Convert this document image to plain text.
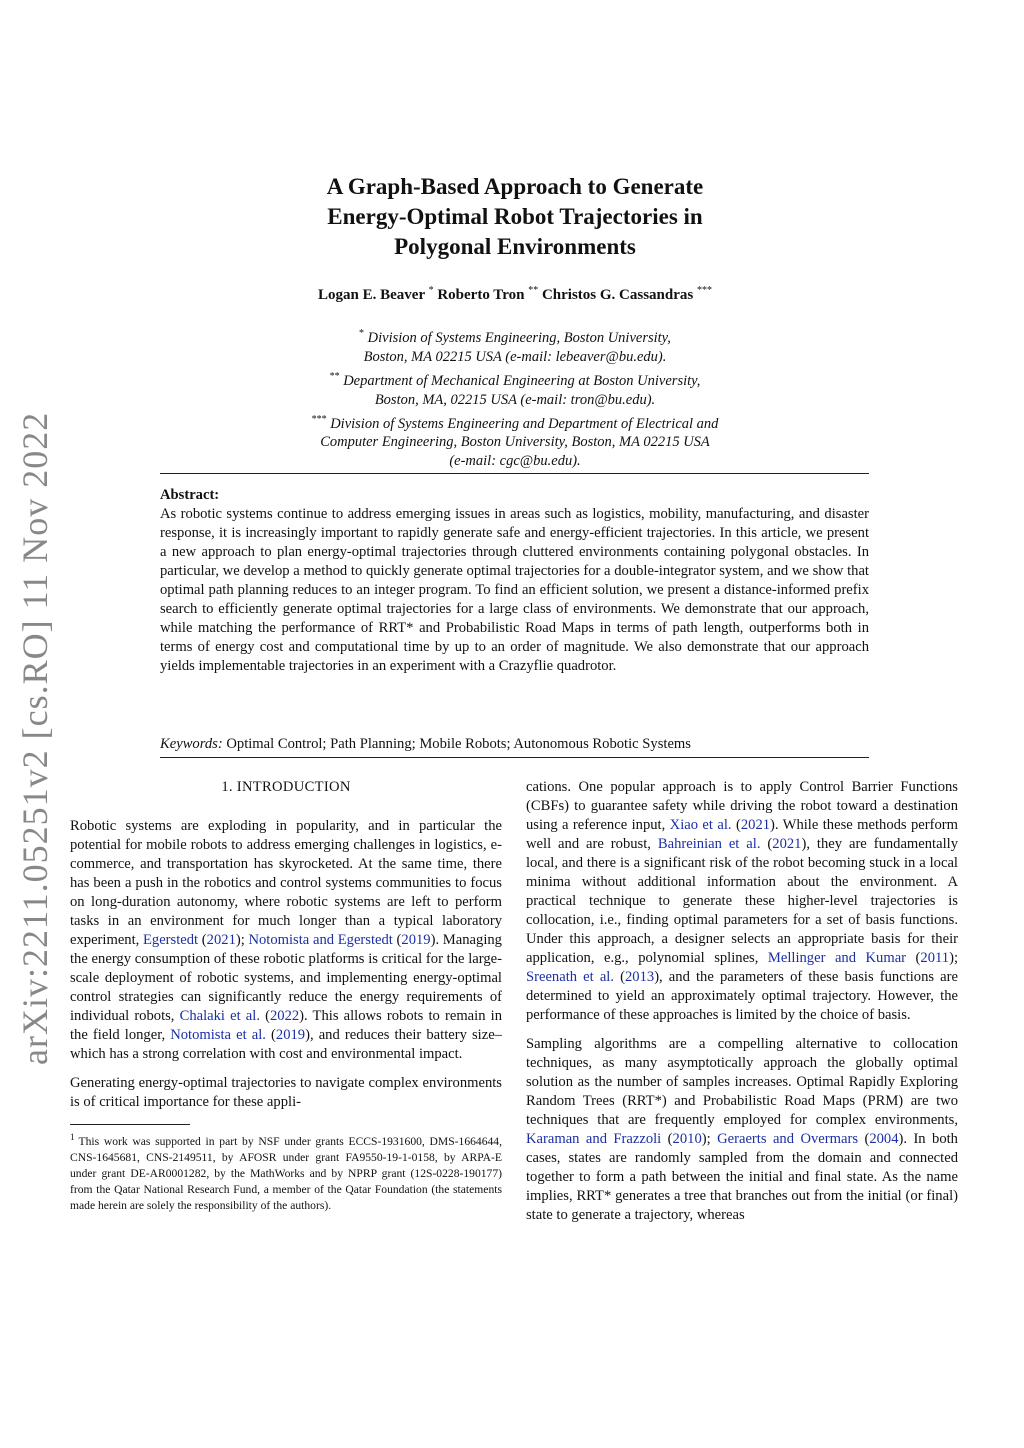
arXiv:2211.05251v2 [cs.RO] 11 Nov 2022
A Graph-Based Approach to Generate
Energy-Optimal Robot Trajectories in
Polygonal Environments
Logan E. Beaver * Roberto Tron ** Christos G. Cassandras ***
* Division of Systems Engineering, Boston University,
Boston, MA 02215 USA (e-mail: lebeaver@bu.edu).
** Department of Mechanical Engineering at Boston University,
Boston, MA, 02215 USA (e-mail: tron@bu.edu).
*** Division of Systems Engineering and Department of Electrical and
Computer Engineering, Boston University, Boston, MA 02215 USA
(e-mail: cgc@bu.edu).
Abstract:
As robotic systems continue to address emerging issues in areas such as logistics, mobility, manufacturing, and disaster response, it is increasingly important to rapidly generate safe and energy-efficient trajectories. In this article, we present a new approach to plan energy-optimal trajectories through cluttered environments containing polygonal obstacles. In particular, we develop a method to quickly generate optimal trajectories for a double-integrator system, and we show that optimal path planning reduces to an integer program. To find an efficient solution, we present a distance-informed prefix search to efficiently generate optimal trajectories for a large class of environments. We demonstrate that our approach, while matching the performance of RRT* and Probabilistic Road Maps in terms of path length, outperforms both in terms of energy cost and computational time by up to an order of magnitude. We also demonstrate that our approach yields implementable trajectories in an experiment with a Crazyflie quadrotor.
Keywords: Optimal Control; Path Planning; Mobile Robots; Autonomous Robotic Systems
1. INTRODUCTION

Robotic systems are exploding in popularity, and in particular the potential for mobile robots to address emerging challenges in logistics, e-commerce, and transportation has skyrocketed. At the same time, there has been a push in the robotics and control systems communities to focus on long-duration autonomy, where robotic systems are left to perform tasks in an environment for much longer than a typical laboratory experiment, Egerstedt (2021); Notomista and Egerstedt (2019). Managing the energy consumption of these robotic platforms is critical for the large-scale deployment of robotic systems, and implementing energy-optimal control strategies can significantly reduce the energy requirements of individual robots, Chalaki et al. (2022). This allows robots to remain in the field longer, Notomista et al. (2019), and reduces their battery size–which has a strong correlation with cost and environmental impact.

Generating energy-optimal trajectories to navigate complex environments is of critical importance for these appli-

$^1$ This work was supported in part by NSF under grants ECCS-1931600, DMS-1664644, CNS-1645681, CNS-2149511, by AFOSR under grant FA9550-19-1-0158, by ARPA-E under grant DE-AR0001282, by the MathWorks and by NPRP grant (12S-0228-190177) from the Qatar National Research Fund, a member of the Qatar Foundation (the statements made herein are solely the responsibility of the authors).

cations. One popular approach is to apply Control Barrier Functions (CBFs) to guarantee safety while driving the robot toward a destination using a reference input, Xiao et al. (2021). While these methods perform well and are robust, Bahreinian et al. (2021), they are fundamentally local, and there is a significant risk of the robot becoming stuck in a local minima without additional information about the environment. A practical technique to generate these higher-level trajectories is collocation, i.e., finding optimal parameters for a set of basis functions. Under this approach, a designer selects an appropriate basis for their application, e.g., polynomial splines, Mellinger and Kumar (2011); Sreenath et al. (2013), and the parameters of these basis functions are determined to yield an approximately optimal trajectory. However, the performance of these approaches is limited by the choice of basis.

Sampling algorithms are a compelling alternative to collocation techniques, as many asymptotically approach the globally optimal solution as the number of samples increases. Optimal Rapidly Exploring Random Trees (RRT*) and Probabilistic Road Maps (PRM) are two techniques that are frequently employed for complex environments, Karaman and Frazzoli (2010); Geraerts and Overmars (2004). In both cases, states are randomly sampled from the domain and connected together to form a path between the initial and final state. As the name implies, RRT* generates a tree that branches out from the initial (or final) state to generate a trajectory, whereas
